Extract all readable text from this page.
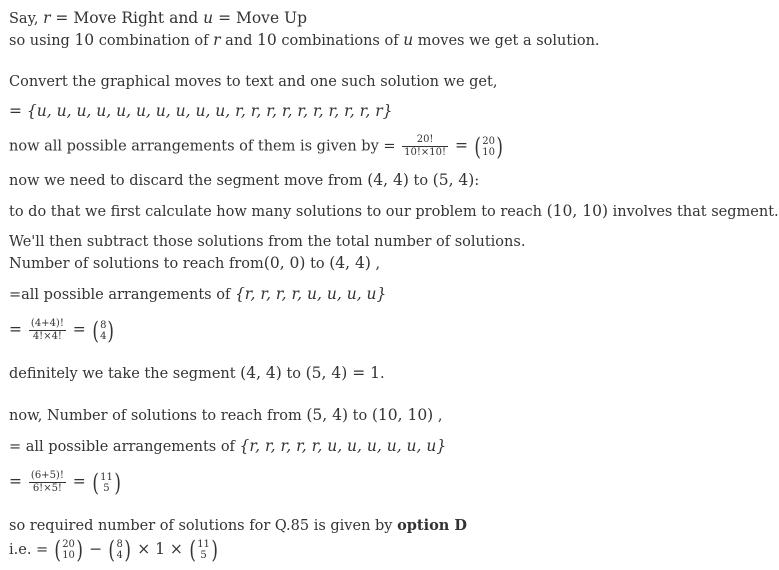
Say, r = Move Right and u = Move Up
so using 10 combination of r and 10 combinations of u moves we get a solution.
Convert the graphical moves to text and one such solution we get,
= {u, u, u, u, u, u, u, u, u, u, r, r, r, r, r, r, r, r, r, r}
now all possible arrangements of them is given by = $\frac{20!}{10!\times 10!}$ = ( 20
10 )
now we need to discard the segment move from (4, 4) to (5, 4):
to do that we first calculate how many solutions to our problem to reach (10, 10) involves that segment.
We'll then subtract those solutions from the total number of solutions.
Number of solutions to reach from(0, 0) to (4, 4) ,
=all possible arrangements of {r, r, r, r, u, u, u, u}
= $\frac{(4+4)!}{4!\times 4!}$ = ( 8
4 )
definitely we take the segment (4, 4) to (5, 4) = 1.
now, Number of solutions to reach from (5, 4) to (10, 10) ,
= all possible arrangements of {r, r, r, r, r, u, u, u, u, u, u}
= $\frac{(6+5)!}{6!\times 5!}$ = ( 11
5 )
so required number of solutions for Q.85 is given by option D
i.e. = ( 20
10 ) − ( 8
4 ) × 1 × ( 11
5 )
